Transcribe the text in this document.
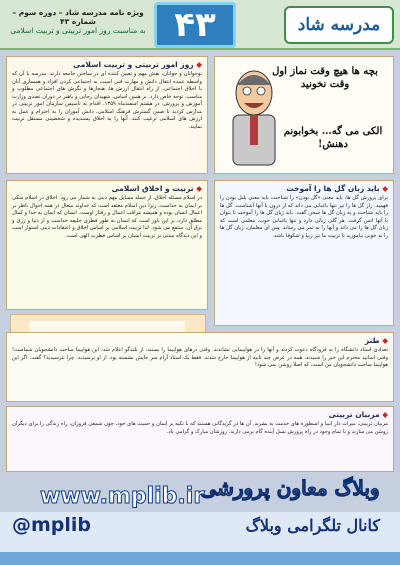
مدرسه شاد
۴۳
ویژه نامه مدرسه شاد – دوره سوم – شماره ۴۳
به مناسبت روز امور تربیتی و تربیت اسلامی
بچه ها هیچ وقت نماز اول وقت نخونید
الکی می گه… بخوابونم دهنش!
◆ روز امور تربیتی و تربیت اسلامی
نوجوانان و جوانان، نقش مهم و تعیین کننده ای در ساختن جامعه دارند. مدرسه با آن که واسطه عمده انتقال دانش و مهارت فنی است، به اجتماعی کردن افراد و همسازی آنان با اخلاق اجتماعی، از راه انتقال ارزش ها، هنجارها و نگرش های اجتماعی مطلوب و مناسب، توجه خاص دارد. بر همین اساس، شهیدان رجایی و باهنر در دوران تصدی وزارت آموزش و پرورش، در هشتم اسفندماه ۱۳۵۹، اقدام به تأسیس سازمان امور تربیتی در مدارس کردند تا ضمن گسترش فرهنگ اسلامی، دانش آموزان را به احترام و عمل به ارزش های اسلامی ترغیب کنند. آنها را به اخلاق پسندیده و شخصیتی مستقل تربیت نمایند.
◆ تربیت و اخلاق اسلامی
در اسلام مسئله اخلاق، از جمله مسایل مهم دینی به شمار می رود. اخلاق در اسلام متکی بر ایمان به خداست، زیرا دین اسلام معتقد است که خداوند متعال در همه احوال ناظر بر اعمال انسان بوده و همیشه مراقب اعمال و رفتار اوست. انسان که ایمان به خدا و کمال مطلق دارد، بر این باور است که انسان به طور فطری خلیفه خداست و از دنیا و زرق و برق آن، منتفع می شود. لذا تربیت اسلامی بر اساس اخلاق و اعتقادات دینی استوار است و این دیدگاه مبتنی بر تربیت انسان بر اساس فطرت الهی است.
◆ طنز
تعدادی استاد دانشگاه را به فرودگاه دعوت کردند و آنها را در هواپیمایی نشاندند. وقتی درهای هواپیما را بستند، از بلندگو اعلام شد: این هواپیما ساخت دانشجویان شماست! وقتی اساتید محترم این خبر را شنیدند، همه در عرض چند ثانیه از هواپیما خارج شدند. فقط یک استاد آرام سر جایش نشسته بود. از او پرسیدند: چرا نترسیدید؟ گفت: اگر این هواپیما ساخت دانشجویان من است، که اصلا روشن نمی شود!
◆ مربیان تربیتی
مربیان تربیتی، میراث دار انبیا و اسطوره های خدمت به بشرند. آن ها در گزیدگانی هستند که با تکیه بر ایمان و حمیت های خود، چون شمعی فروزان، راه زندگی را برای دیگران روشن می سازند و با تمام وجود در راه پرورش نسل آینده گام برمی دارند. روزشان مبارک و گرامی باد.
وبلاگ معاون پرورشی
www.mplib.ir
کانال تلگرامی وبلاگ
@mplib
◆ باید زبان گل ها را آموخت
برای پرورش گل ها، باید معنی «گل بودن» را شناخت، باید معنی بلبل بودن را فهمید. راز گل ها را نیز تنها باغبانی می داند که از درون با آنها آشناست. گل ها را باید شناخت و به زبان گل ها سخن گفت. باید زبان گل ها را آموخت تا بتوان با آنها انس گرفت. هر گلی زبانی دارد و تنها باغبانی خوب، معلمی است که زبان گل ها را می داند و آنها را به ثمر می رساند. پس ای معلمان، زبان گل ها را به خوبی بیاموزید تا تربیت ما نیز زیبا و شکوفا باشد.
